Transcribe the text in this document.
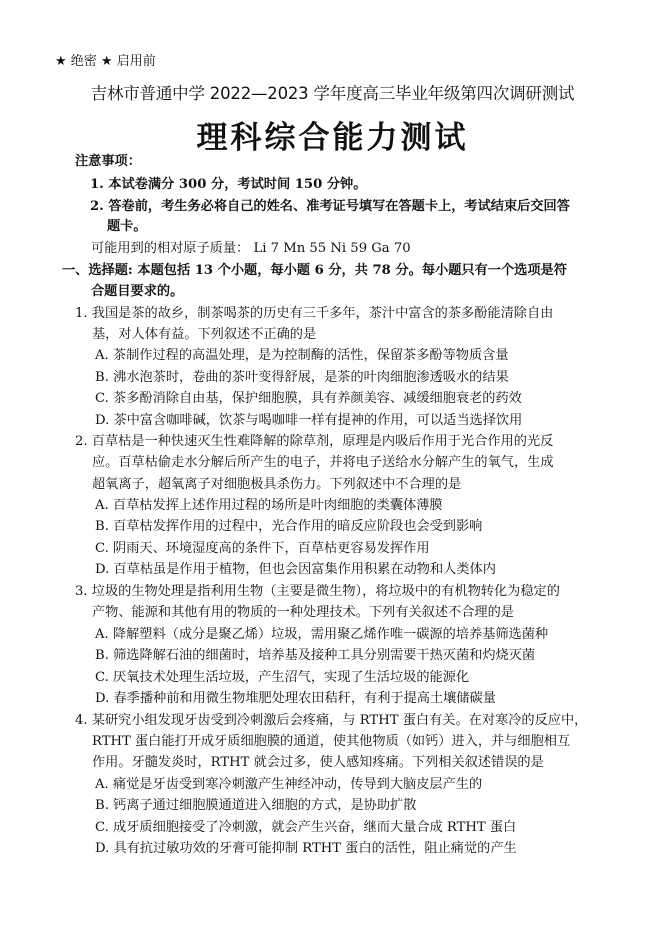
★ 绝密 ★ 启用前
吉林市普通中学 2022—2023 学年度高三毕业年级第四次调研测试
理科综合能力测试
注意事项：
1. 本试卷满分 300 分，考试时间 150 分钟。
2. 答卷前，考生务必将自己的姓名、准考证号填写在答题卡上，考试结束后交回答
题卡。
可能用到的相对原子质量： Li 7 Mn 55 Ni 59 Ga 70
一、选择题: 本题包括 13 个小题，每小题 6 分，共 78 分。每小题只有一个选项是符
合题目要求的。
1. 我国是茶的故乡，制茶喝茶的历史有三千多年，茶汁中富含的茶多酚能清除自由
基，对人体有益。下列叙述不正确的是
A. 茶制作过程的高温处理，是为控制酶的活性，保留茶多酚等物质含量
B. 沸水泡茶时，卷曲的茶叶变得舒展，是茶的叶肉细胞渗透吸水的结果
C. 茶多酚消除自由基，保护细胞膜，具有养颜美容、减缓细胞衰老的药效
D. 茶中富含咖啡碱，饮茶与喝咖啡一样有提神的作用，可以适当选择饮用
2. 百草枯是一种快速灭生性难降解的除草剂，原理是内吸后作用于光合作用的光反
应。百草枯偷走水分解后所产生的电子，并将电子送给水分解产生的氧气，生成
超氧离子，超氧离子对细胞极具杀伤力。下列叙述中不合理的是
A. 百草枯发挥上述作用过程的场所是叶肉细胞的类囊体薄膜
B. 百草枯发挥作用的过程中，光合作用的暗反应阶段也会受到影响
C. 阴雨天、环境湿度高的条件下，百草枯更容易发挥作用
D. 百草枯虽是作用于植物，但也会因富集作用积累在动物和人类体内
3. 垃圾的生物处理是指利用生物（主要是微生物），将垃圾中的有机物转化为稳定的
产物、能源和其他有用的物质的一种处理技术。下列有关叙述不合理的是
A. 降解塑料（成分是聚乙烯）垃圾，需用聚乙烯作唯一碳源的培养基筛选菌种
B. 筛选降解石油的细菌时，培养基及接种工具分别需要干热灭菌和灼烧灭菌
C. 厌氧技术处理生活垃圾，产生沼气，实现了生活垃圾的能源化
D. 春季播种前和用微生物堆肥处理农田秸秆，有利于提高土壤储碳量
4. 某研究小组发现牙齿受到冷刺激后会疼痛，与 RTHT 蛋白有关。在对寒冷的反应中，
RTHT 蛋白能打开成牙质细胞膜的通道，使其他物质（如钙）进入，并与细胞相互
作用。牙髓发炎时，RTHT 就会过多，使人感知疼痛。下列相关叙述错误的是
A. 痛觉是牙齿受到寒冷刺激产生神经冲动，传导到大脑皮层产生的
B. 钙离子通过细胞膜通道进入细胞的方式，是协助扩散
C. 成牙质细胞接受了冷刺激，就会产生兴奋，继而大量合成 RTHT 蛋白
D. 具有抗过敏功效的牙膏可能抑制 RTHT 蛋白的活性，阻止痛觉的产生
